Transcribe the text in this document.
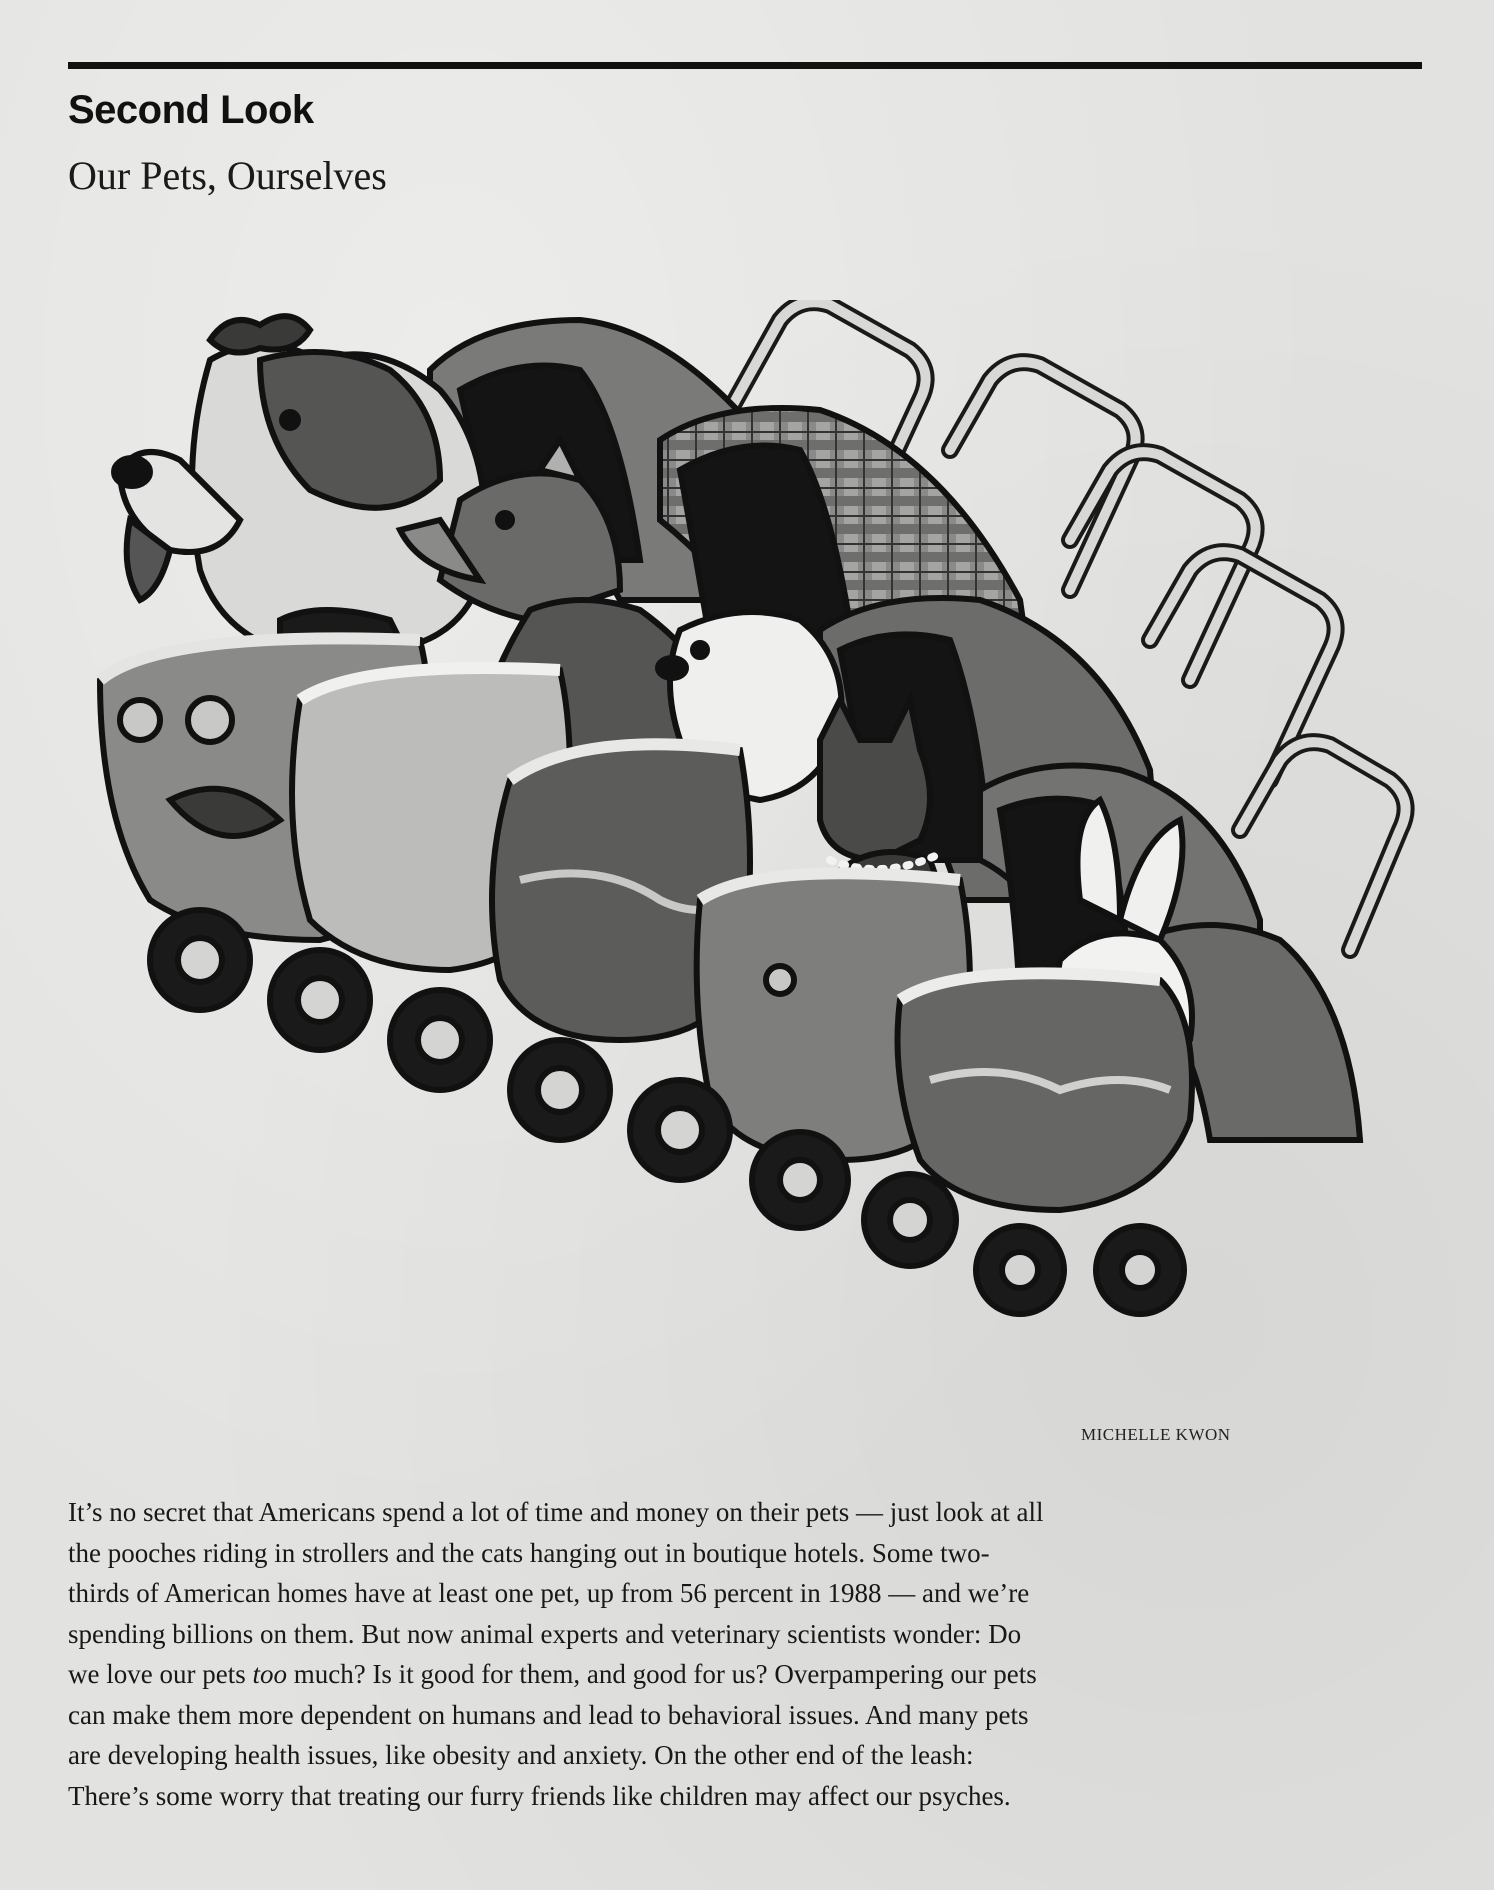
Second Look
Our Pets, Ourselves
MICHELLE KWON
It’s no secret that Americans spend a lot of time and money on their pets — just look at all
the pooches riding in strollers and the cats hanging out in boutique hotels. Some two-
thirds of American homes have at least one pet, up from 56 percent in 1988 — and we’re
spending billions on them. But now animal experts and veterinary scientists wonder: Do
we love our pets too much? Is it good for them, and good for us? Overpampering our pets
can make them more dependent on humans and lead to behavioral issues. And many pets
are developing health issues, like obesity and anxiety. On the other end of the leash:
There’s some worry that treating our furry friends like children may affect our psyches.
